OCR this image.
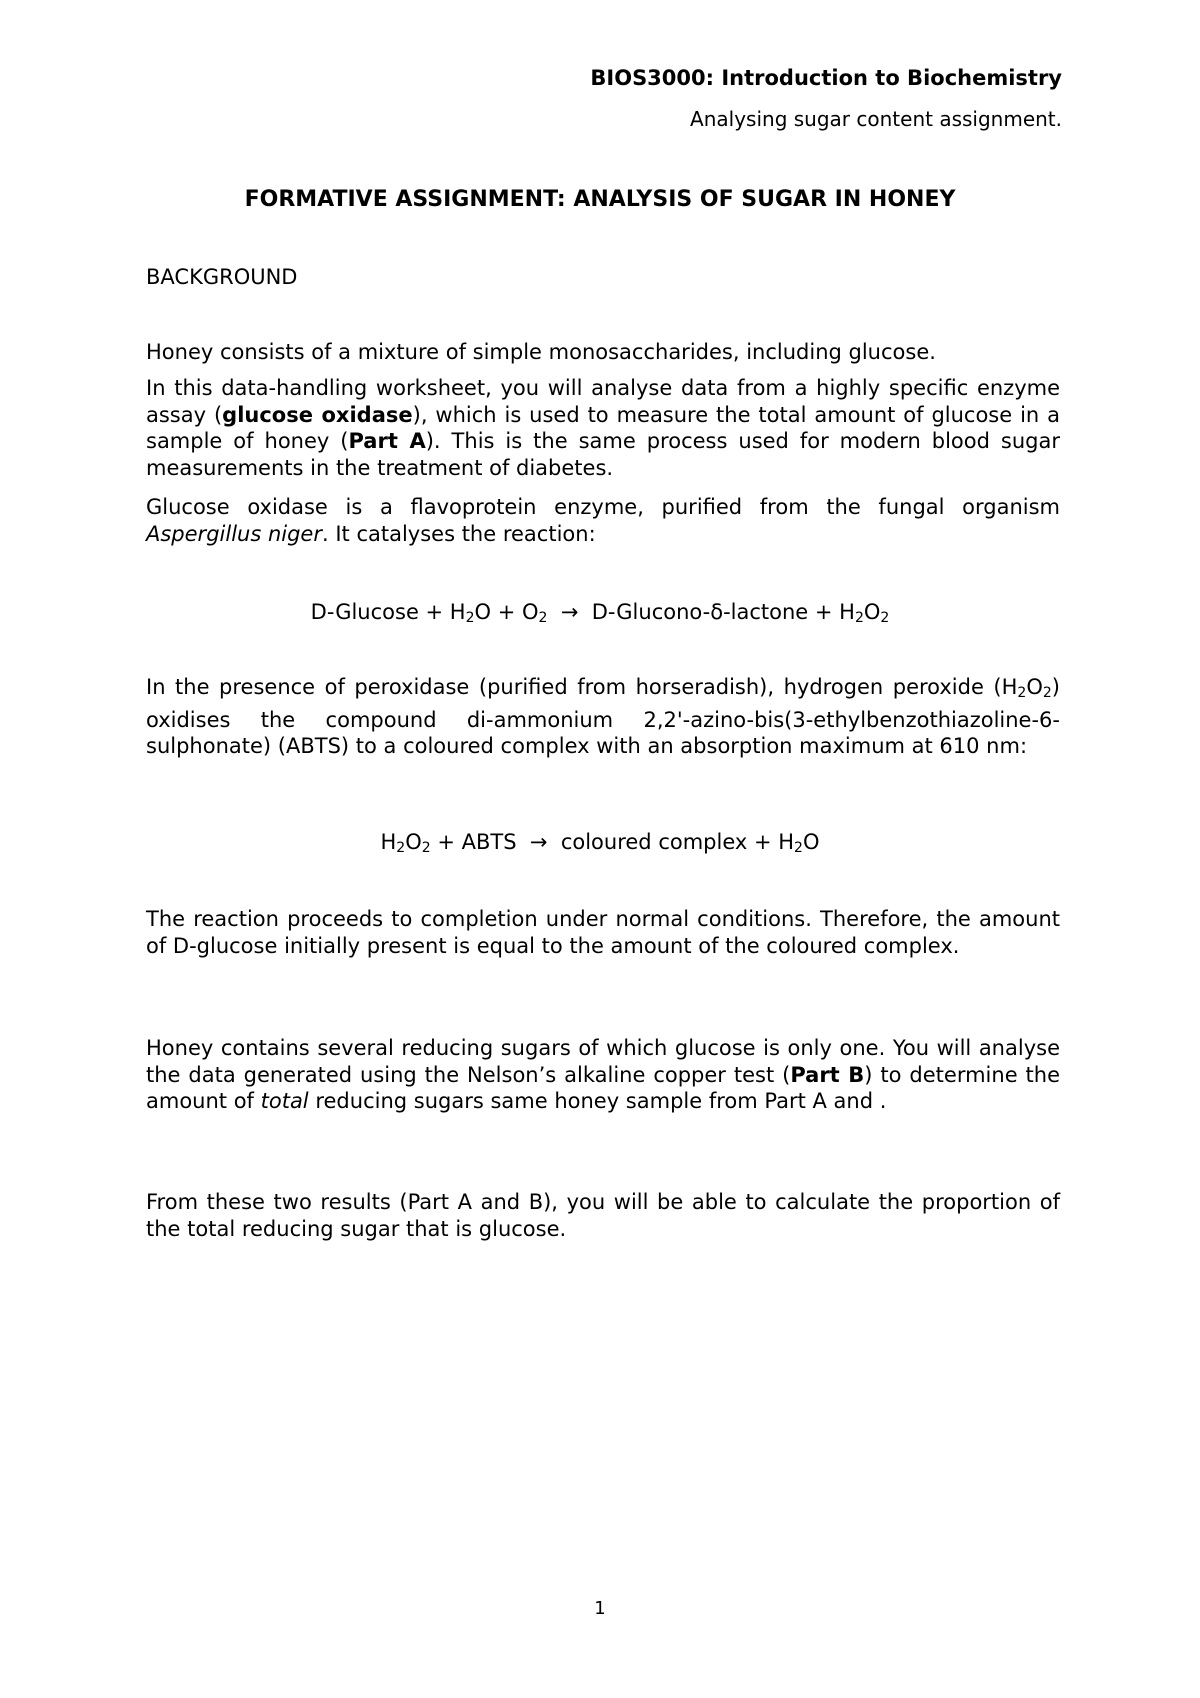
BIOS3000: Introduction to Biochemistry
Analysing sugar content assignment.
FORMATIVE ASSIGNMENT: ANALYSIS OF SUGAR IN HONEY
BACKGROUND

Honey consists of a mixture of simple monosaccharides, including glucose.

In this data-handling worksheet, you will analyse data from a highly specific enzyme assay (glucose oxidase), which is used to measure the total amount of glucose in a sample of honey (Part A). This is the same process used for modern blood sugar measurements in the treatment of diabetes.

Glucose oxidase is a flavoprotein enzyme, purified from the fungal organism Aspergillus niger. It catalyses the reaction:

$D-Glucose + H_2O + O_2$  →  D-Glucono-δ-lactone + $H_2O_2$

In the presence of peroxidase (purified from horseradish), hydrogen peroxide $(H_2O_2)$ oxidises the compound di-ammonium 2,2'-azino-bis(3-ethylbenzothiazoline-6-sulphonate) (ABTS) to a coloured complex with an absorption maximum at 610 nm:

$H_2O_2$ + ABTS  →  coloured complex + $H_2O$

The reaction proceeds to completion under normal conditions. Therefore, the amount of D-glucose initially present is equal to the amount of the coloured complex.

Honey contains several reducing sugars of which glucose is only one. You will analyse the data generated using the Nelson’s alkaline copper test (Part B) to determine the amount of total reducing sugars same honey sample from Part A and .

From these two results (Part A and B), you will be able to calculate the proportion of the total reducing sugar that is glucose.

1
